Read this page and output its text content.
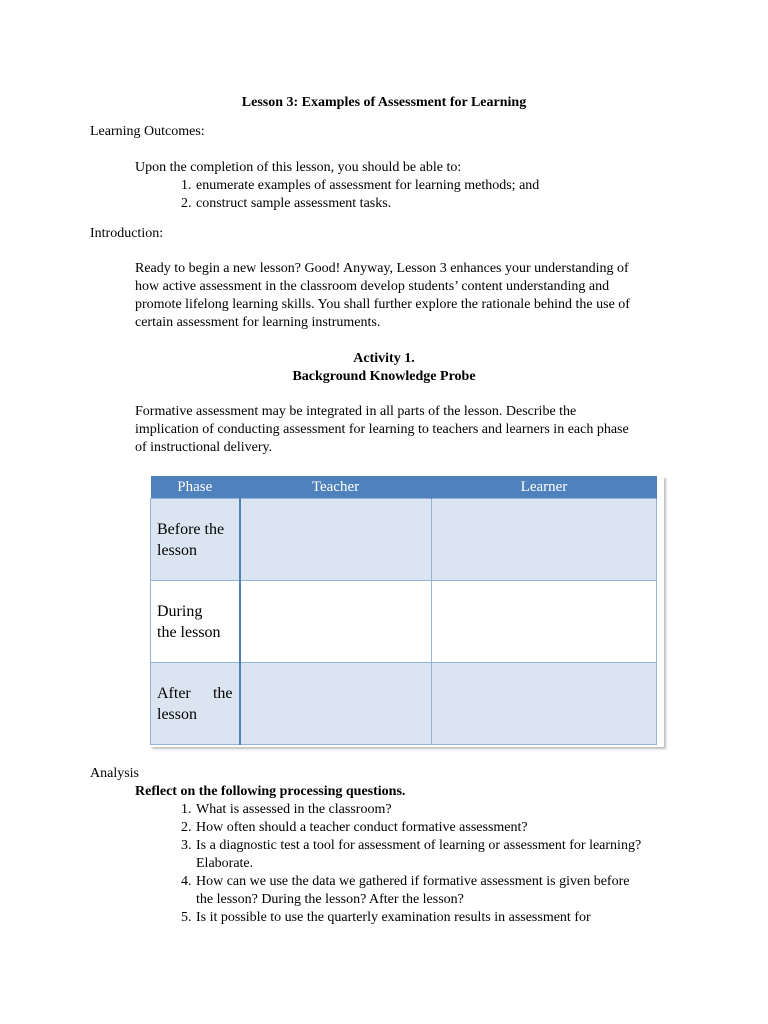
Lesson 3: Examples of Assessment for Learning
Learning Outcomes:
Upon the completion of this lesson, you should be able to:
1. enumerate examples of assessment for learning methods; and
2. construct sample assessment tasks.
Introduction:
Ready to begin a new lesson? Good! Anyway, Lesson 3 enhances your understanding of
how active assessment in the classroom develop students’ content understanding and
promote lifelong learning skills. You shall further explore the rationale behind the use of
certain assessment for learning instruments.
Activity 1.
Background Knowledge Probe
Formative assessment may be integrated in all parts of the lesson. Describe the
implication of conducting assessment for learning to teachers and learners in each phase
of instructional delivery.
Phase	Teacher	Learner

Before the
lesson		

During
the lesson		

After the
lesson		

Analysis
Reflect on the following processing questions.
1. What is assessed in the classroom?
2. How often should a teacher conduct formative assessment?
3. Is a diagnostic test a tool for assessment of learning or assessment for learning?
Elaborate.
4. How can we use the data we gathered if formative assessment is given before
the lesson? During the lesson? After the lesson?
5. Is it possible to use the quarterly examination results in assessment for
